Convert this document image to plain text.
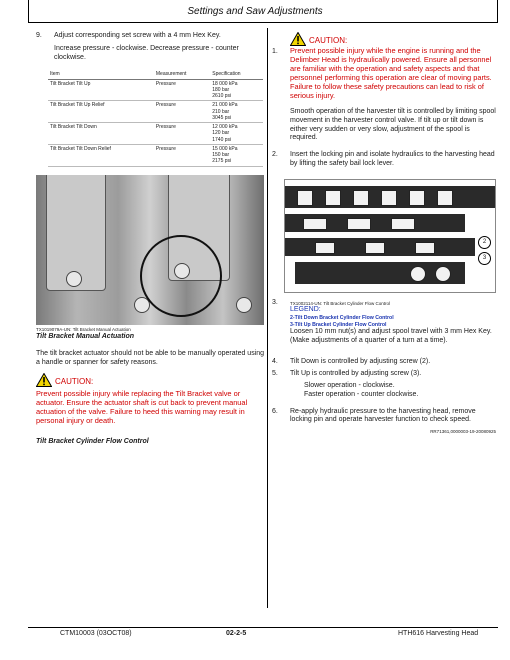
Settings and Saw Adjustments
9.	Adjust corresponding set screw with a 4 mm Hex Key.
Increase pressure - clockwise. Decrease pressure - counter clockwise.
Item	Measurement	Specification
Tilt Bracket Tilt Up	Pressure	18 000 kPa
180 bar
2610 psi

Tilt Bracket Tilt Up Relief	Pressure	21 000 kPa
210 bar
3045 psi

Tilt Bracket Tilt Down	Pressure	12 000 kPa
120 bar
1740 psi

Tilt Bracket Tilt Down Relief	Pressure	15 000 kPa
150 bar
2175 psi
TX1019079A-UN: Tilt Bracket Manual Actuation
Tilt Bracket Manual Actuation
The tilt bracket actuator should not be able to be manually operated using a handle or spanner for safety reasons.
CAUTION:
Prevent possible injury while replacing the Tilt Bracket valve or actuator. Ensure the actuator shaft is cut back to prevent manual actuation of the valve. Failure to heed this warning may result in personal injury or death.
Tilt Bracket Cylinder Flow Control
1.
CAUTION:
Prevent possible injury while the engine is running and the Delimber Head is hydraulically powered. Ensure all personnel are familiar with the operation and safety aspects and that personnel performing this operation are clear of moving parts. Failure to follow these safety precautions can lead to risk of serious injury.
Smooth operation of the harvester tilt is controlled by limiting spool movement in the harvester control valve. If tilt up or tilt down is either very sudden or very slow, adjustment of the spool is required.
2.	Insert the locking pin and isolate hydraulics to the harvesting head by lifting the safety bail lock lever.
2
3
3.	TX1002114-UN: Tilt Bracket Cylinder Flow Control
LEGEND:
2-Tilt Down Bracket Cylinder Flow Control
3-Tilt Up Bracket Cylinder Flow Control
Loosen 10 mm nut(s) and adjust spool travel with 3 mm Hex Key. (Make adjustments of a quarter of a turn at a time).
4.	Tilt Down is controlled by adjusting screw (2).
5.	Tilt Up is controlled by adjusting screw (3).
Slower operation - clockwise.
Faster operation - counter clockwise.
6.	Re-apply hydraulic pressure to the harvesting head, remove locking pin and operate harvester function to check speed.
RR71361,0000003-19-20080925
CTM10003 (03OCT08)	02-2-5	HTH616 Harvesting Head
